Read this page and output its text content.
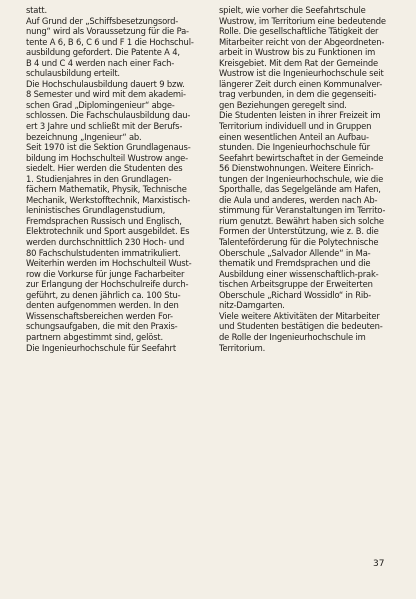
statt.
Auf Grund der „Schiffsbesetzungsord-
nung“ wird als Voraussetzung für die Pa-
tente A 6, B 6, C 6 und F 1 die Hochschul-
ausbildung gefordert. Die Patente A 4,
B 4 und C 4 werden nach einer Fach-
schulausbildung erteilt.
Die Hochschulausbildung dauert 9 bzw.
8 Semester und wird mit dem akademi-
schen Grad „Diplomingenieur“ abge-
schlossen. Die Fachschulausbildung dau-
ert 3 Jahre und schließt mit der Berufs-
bezeichnung „Ingenieur“ ab.
Seit 1970 ist die Sektion Grundlagenaus-
bildung im Hochschulteil Wustrow ange-
siedelt. Hier werden die Studenten des
1. Studienjahres in den Grundlagen-
fächern Mathematik, Physik, Technische
Mechanik, Werkstofftechnik, Marxistisch-
leninistisches Grundlagenstudium,
Fremdsprachen Russisch und Englisch,
Elektrotechnik und Sport ausgebildet. Es
werden durchschnittlich 230 Hoch- und
80 Fachschulstudenten immatrikuliert.
Weiterhin werden im Hochschulteil Wust-
row die Vorkurse für junge Facharbeiter
zur Erlangung der Hochschulreife durch-
geführt, zu denen jährlich ca. 100 Stu-
denten aufgenommen werden. In den
Wissenschaftsbereichen werden For-
schungsaufgaben, die mit den Praxis-
partnern abgestimmt sind, gelöst.
Die Ingenieurhochschule für Seefahrt
spielt, wie vorher die Seefahrtschule
Wustrow, im Territorium eine bedeutende
Rolle. Die gesellschaftliche Tätigkeit der
Mitarbeiter reicht von der Abgeordneten-
arbeit in Wustrow bis zu Funktionen im
Kreisgebiet. Mit dem Rat der Gemeinde
Wustrow ist die Ingenieurhochschule seit
längerer Zeit durch einen Kommunalver-
trag verbunden, in dem die gegenseiti-
gen Beziehungen geregelt sind.
Die Studenten leisten in ihrer Freizeit im
Territorium individuell und in Gruppen
einen wesentlichen Anteil an Aufbau-
stunden. Die Ingenieurhochschule für
Seefahrt bewirtschaftet in der Gemeinde
56 Dienstwohnungen. Weitere Einrich-
tungen der Ingenieurhochschule, wie die
Sporthalle, das Segelgelände am Hafen,
die Aula und anderes, werden nach Ab-
stimmung für Veranstaltungen im Territo-
rium genutzt. Bewährt haben sich solche
Formen der Unterstützung, wie z. B. die
Talentefördеrung für die Polytechnische
Oberschule „Salvador Allende“ in Ma-
thematik und Fremdsprachen und die
Ausbildung einer wissenschaftlich-prak-
tischen Arbeitsgruppe der Erweiterten
Oberschule „Richard Wossidlo“ in Rib-
nitz-Damgarten.
Viele weitere Aktivitäten der Mitarbeiter
und Studenten bestätigen die bedeuten-
de Rolle der Ingenieurhochschule im
Territorium.
37
